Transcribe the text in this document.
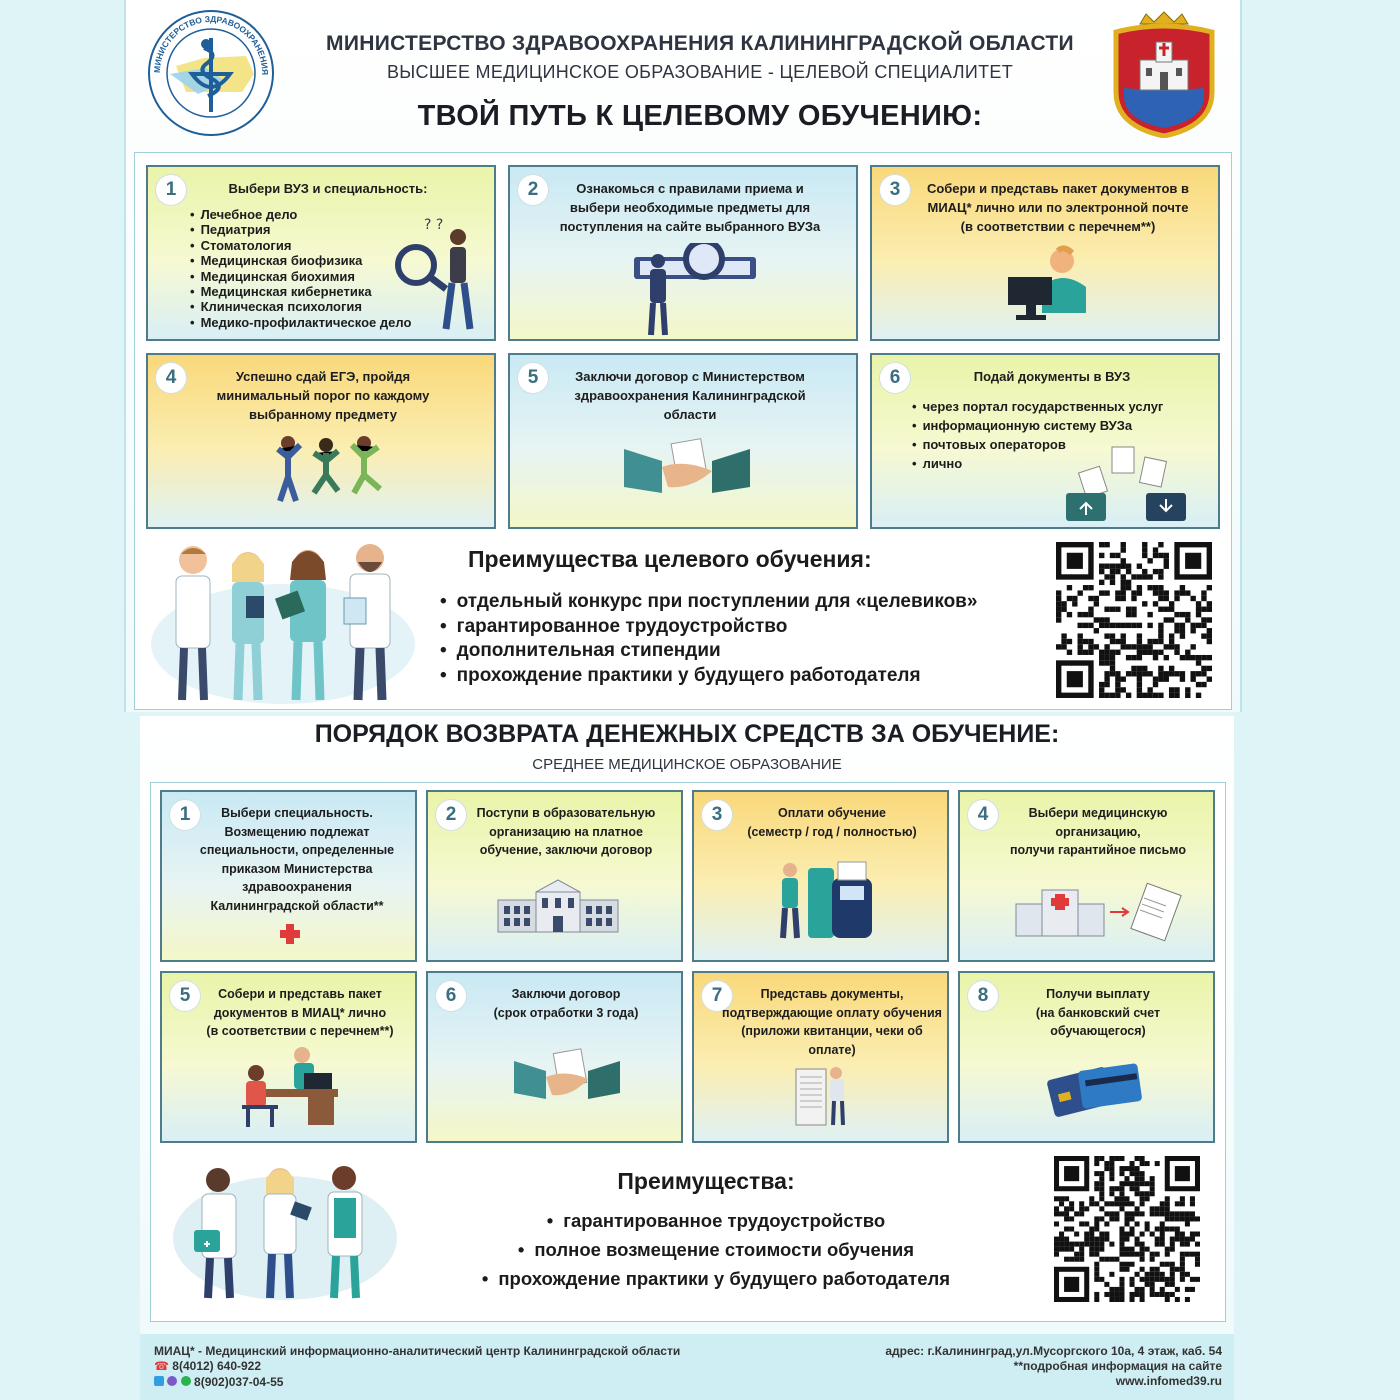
МИНИСТЕРСТВО ЗДРАВООХРАНЕНИЯ
МИНИСТЕРСТВО ЗДРАВООХРАНЕНИЯ КАЛИНИНГРАДСКОЙ ОБЛАСТИ
ВЫСШЕЕ МЕДИЦИНСКОЕ ОБРАЗОВАНИЕ - ЦЕЛЕВОЙ СПЕЦИАЛИТЕТ
ТВОЙ ПУТЬ К ЦЕЛЕВОМУ ОБУЧЕНИЮ:
1	Выбери ВУЗ и специальность:
• Лечебное дело
• Педиатрия
• Стоматология
• Медицинская биофизика
• Медицинская биохимия
• Медицинская кибернетика
• Клиническая психология
• Медико-профилактическое дело
? ?
2	Ознакомься с правилами приема и
выбери необходимые предметы для
поступления на сайте выбранного ВУЗа
3	Собери и представь пакет документов в
МИАЦ* лично или по электронной почте
(в соответствии с перечнем**)
4	Успешно сдай ЕГЭ, пройдя
минимальный порог по каждому
выбранному предмету
5	Заключи договор с Министерством
здравоохранения Калининградской
области
6	Подай документы в ВУЗ
• через портал государственных услуг
• информационную систему ВУЗа
• почтовых операторов
• лично
Преимущества целевого обучения:
• отдельный конкурс при поступлении для «целевиков»
• гарантированное трудоустройство
• дополнительная стипендии
• прохождение практики у будущего работодателя
ПОРЯДОК ВОЗВРАТА ДЕНЕЖНЫХ СРЕДСТВ ЗА ОБУЧЕНИЕ:
СРЕДНЕЕ МЕДИЦИНСКОЕ ОБРАЗОВАНИЕ
1	Выбери специальность.
Возмещению подлежат
специальности, определенные
приказом Министерства
здравоохранения
Калининградской области**
2	Поступи в образовательную
организацию на платное
обучение, заключи договор
3	Оплати обучение
(семестр / год / полностью)
4	Выбери медицинскую
организацию,
получи гарантийное письмо
5	Собери и представь пакет
документов в МИАЦ* лично
(в соответствии с перечнем**)
6	Заключи договор
(срок отработки 3 года)
7	Представь документы,
подтверждающие оплату обучения
(приложи квитанции, чеки об
оплате)
8	Получи выплату
(на банковский счет
обучающегося)
Преимущества:
• гарантированное трудоустройство
• полное возмещение стоимости обучения
• прохождение практики у будущего работодателя
МИАЦ* - Медицинский информационно-аналитический центр Калининградской области
☎ 8(4012) 640-922
8(902)037-04-55
адрес: г.Калининград,ул.Мусоргского 10а, 4 этаж, каб. 54
**подробная информация на сайте
www.infomed39.ru
